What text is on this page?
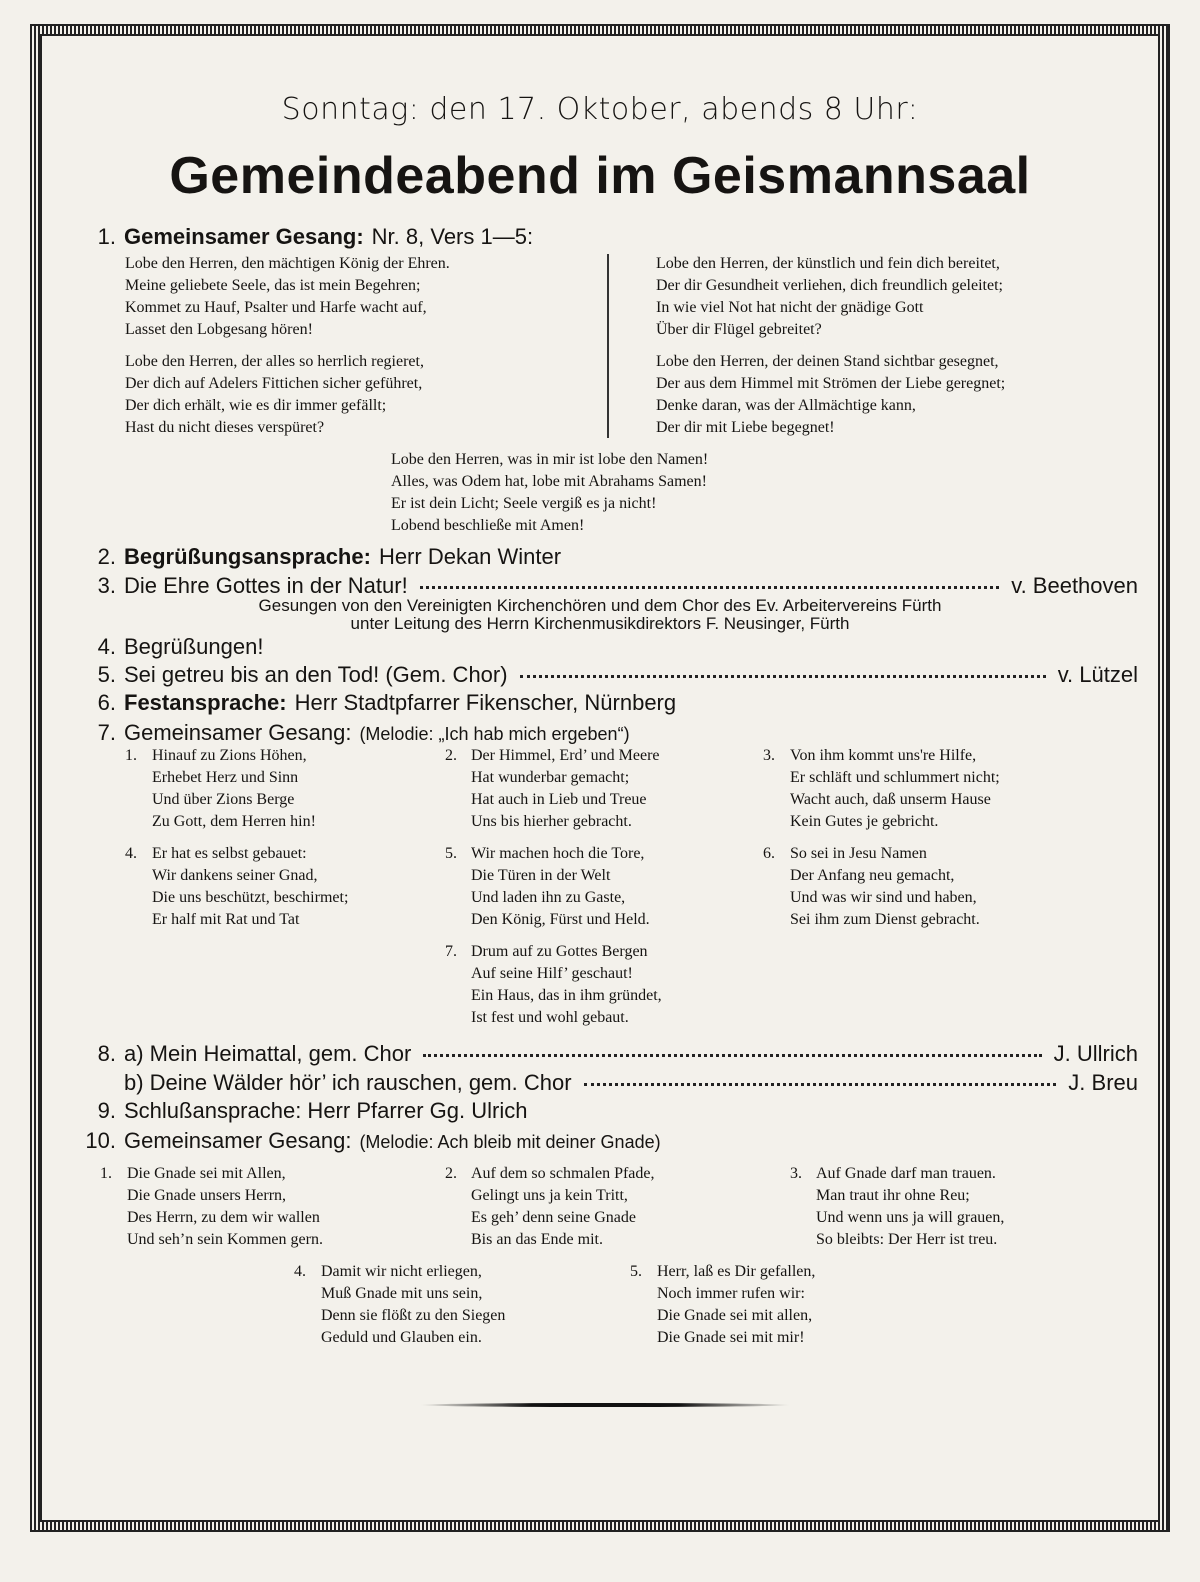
Sonntag: den 17. Oktober, abends 8 Uhr:
Gemeindeabend im Geismannsaal
1. Gemeinsamer Gesang: Nr. 8, Vers 1—5:
2. Begrüßungsansprache: Herr Dekan Winter
3. Die Ehre Gottes in der Natur!	v. Beethoven
Gesungen von den Vereinigten Kirchenchören und dem Chor des Ev. Arbeitervereins Fürth
unter Leitung des Herrn Kirchenmusikdirektors F. Neusinger, Fürth
4. Begrüßungen!
5. Sei getreu bis an den Tod! (Gem. Chor)	v. Lützel
6. Festansprache: Herr Stadtpfarrer Fikenscher, Nürnberg
7. Gemeinsamer Gesang: (Melodie: „Ich hab mich ergeben“)
8. a) Mein Heimattal, gem. Chor	J. Ullrich
b) Deine Wälder hör’ ich rauschen, gem. Chor	J. Breu
9. Schlußansprache: Herr Pfarrer Gg. Ulrich
10. Gemeinsamer Gesang: (Melodie: Ach bleib mit deiner Gnade)
Lobe den Herren, den mächtigen König der Ehren.
Meine geliebete Seele, das ist mein Begehren;
Kommet zu Hauf, Psalter und Harfe wacht auf,
Lasset den Lobgesang hören!
Lobe den Herren, der alles so herrlich regieret,
Der dich auf Adelers Fittichen sicher geführet,
Der dich erhält, wie es dir immer gefällt;
Hast du nicht dieses verspüret?
Lobe den Herren, der künstlich und fein dich bereitet,
Der dir Gesundheit verliehen, dich freundlich geleitet;
In wie viel Not hat nicht der gnädige Gott
Über dir Flügel gebreitet?
Lobe den Herren, der deinen Stand sichtbar gesegnet,
Der aus dem Himmel mit Strömen der Liebe geregnet;
Denke daran, was der Allmächtige kann,
Der dir mit Liebe begegnet!
Lobe den Herren, was in mir ist lobe den Namen!
Alles, was Odem hat, lobe mit Abrahams Samen!
Er ist dein Licht; Seele vergiß es ja nicht!
Lobend beschließe mit Amen!
1. Hinauf zu Zions Höhen,
Erhebet Herz und Sinn
Und über Zions Berge
Zu Gott, dem Herren hin!
2. Der Himmel, Erd’ und Meere
Hat wunderbar gemacht;
Hat auch in Lieb und Treue
Uns bis hierher gebracht.
3. Von ihm kommt uns're Hilfe,
Er schläft und schlummert nicht;
Wacht auch, daß unserm Hause
Kein Gutes je gebricht.
4. Er hat es selbst gebauet:
Wir dankens seiner Gnad,
Die uns beschützt, beschirmet;
Er half mit Rat und Tat
5. Wir machen hoch die Tore,
Die Türen in der Welt
Und laden ihn zu Gaste,
Den König, Fürst und Held.
6. So sei in Jesu Namen
Der Anfang neu gemacht,
Und was wir sind und haben,
Sei ihm zum Dienst gebracht.
7. Drum auf zu Gottes Bergen
Auf seine Hilf’ geschaut!
Ein Haus, das in ihm gründet,
Ist fest und wohl gebaut.
1. Die Gnade sei mit Allen,
Die Gnade unsers Herrn,
Des Herrn, zu dem wir wallen
Und seh’n sein Kommen gern.
2. Auf dem so schmalen Pfade,
Gelingt uns ja kein Tritt,
Es geh’ denn seine Gnade
Bis an das Ende mit.
3. Auf Gnade darf man trauen.
Man traut ihr ohne Reu;
Und wenn uns ja will grauen,
So bleibts: Der Herr ist treu.
4. Damit wir nicht erliegen,
Muß Gnade mit uns sein,
Denn sie flößt zu den Siegen
Geduld und Glauben ein.
5. Herr, laß es Dir gefallen,
Noch immer rufen wir:
Die Gnade sei mit allen,
Die Gnade sei mit mir!
